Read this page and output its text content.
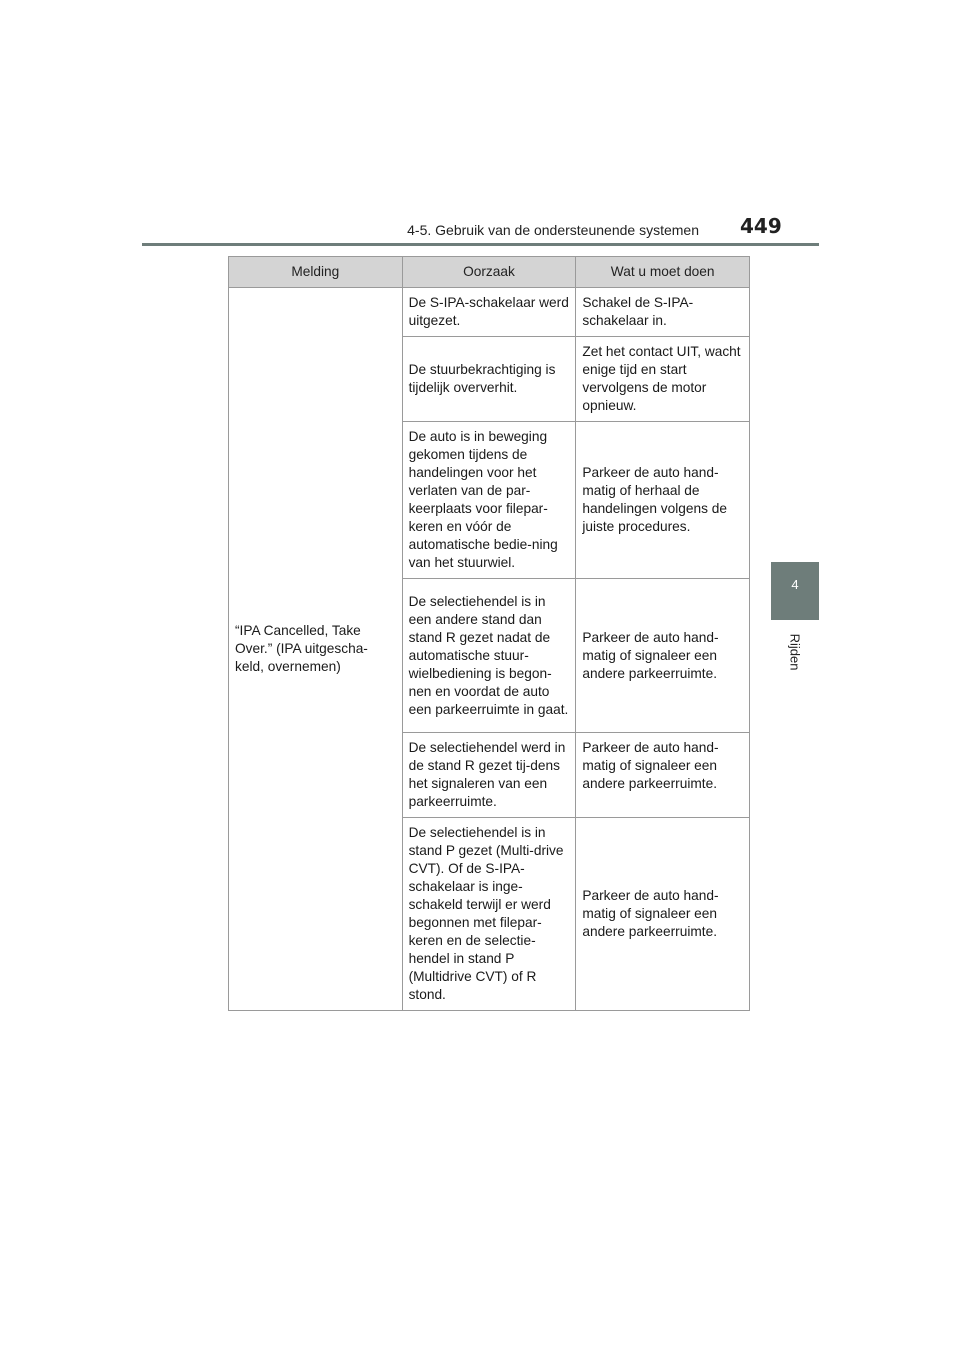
4-5. Gebruik van de ondersteunende systemen 449
4
Rijden
Melding	Oorzaak	Wat u moet doen
“IPA Cancelled, Take Over.” (IPA uitgescha-keld, overnemen)	De S-IPA-schakelaar werd uitgezet.	Schakel de S-IPA-schakelaar in.
	De stuurbekrachtiging is tijdelijk oververhit.	Zet het contact UIT, wacht enige tijd en start vervolgens de motor opnieuw.
	De auto is in beweging gekomen tijdens de handelingen voor het verlaten van de par-keerplaats voor filepar-keren en vóór de automatische bedie-ning van het stuurwiel.	Parkeer de auto hand-matig of herhaal de handelingen volgens de juiste procedures.
	De selectiehendel is in een andere stand dan stand R gezet nadat de automatische stuur-wielbediening is begon-nen en voordat de auto een parkeerruimte in gaat.	Parkeer de auto hand-matig of signaleer een andere parkeerruimte.
	De selectiehendel werd in de stand R gezet tij-dens het signaleren van een parkeerruimte.	Parkeer de auto hand-matig of signaleer een andere parkeerruimte.
	De selectiehendel is in stand P gezet (Multi-drive CVT). Of de S-IPA-schakelaar is inge-schakeld terwijl er werd begonnen met filepar-keren en de selectie-hendel in stand P (Multidrive CVT) of R stond.	Parkeer de auto hand-matig of signaleer een andere parkeerruimte.
